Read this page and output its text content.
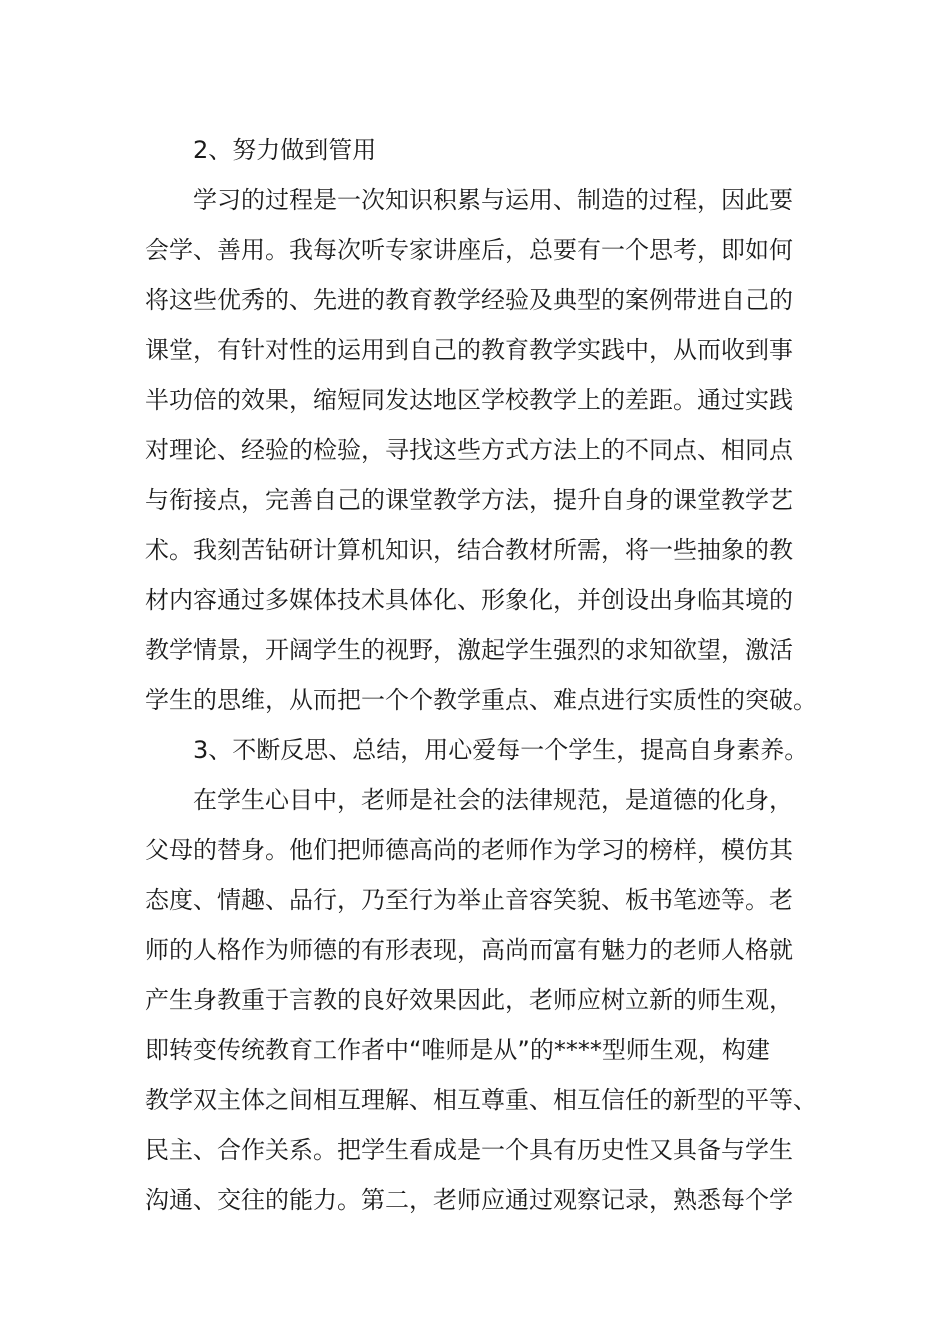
2、努力做到管用
学习的过程是一次知识积累与运用、制造的过程，因此要
会学、善用。我每次听专家讲座后，总要有一个思考，即如何
将这些优秀的、先进的教育教学经验及典型的案例带进自己的
课堂，有针对性的运用到自己的教育教学实践中，从而收到事
半功倍的效果，缩短同发达地区学校教学上的差距。通过实践
对理论、经验的检验，寻找这些方式方法上的不同点、相同点
与衔接点，完善自己的课堂教学方法，提升自身的课堂教学艺
术。我刻苦钻研计算机知识，结合教材所需，将一些抽象的教
材内容通过多媒体技术具体化、形象化，并创设出身临其境的
教学情景，开阔学生的视野，激起学生强烈的求知欲望，激活
学生的思维，从而把一个个教学重点、难点进行实质性的突破。
3、不断反思、总结，用心爱每一个学生，提高自身素养。
在学生心目中，老师是社会的法律规范，是道德的化身，
父母的替身。他们把师德高尚的老师作为学习的榜样，模仿其
态度、情趣、品行，乃至行为举止音容笑貌、板书笔迹等。老
师的人格作为师德的有形表现，高尚而富有魅力的老师人格就
产生身教重于言教的良好效果因此，老师应树立新的师生观，
即转变传统教育工作者中“唯师是从”的****型师生观，构建
教学双主体之间相互理解、相互尊重、相互信任的新型的平等、
民主、合作关系。把学生看成是一个具有历史性又具备与学生
沟通、交往的能力。第二，老师应通过观察记录，熟悉每个学
